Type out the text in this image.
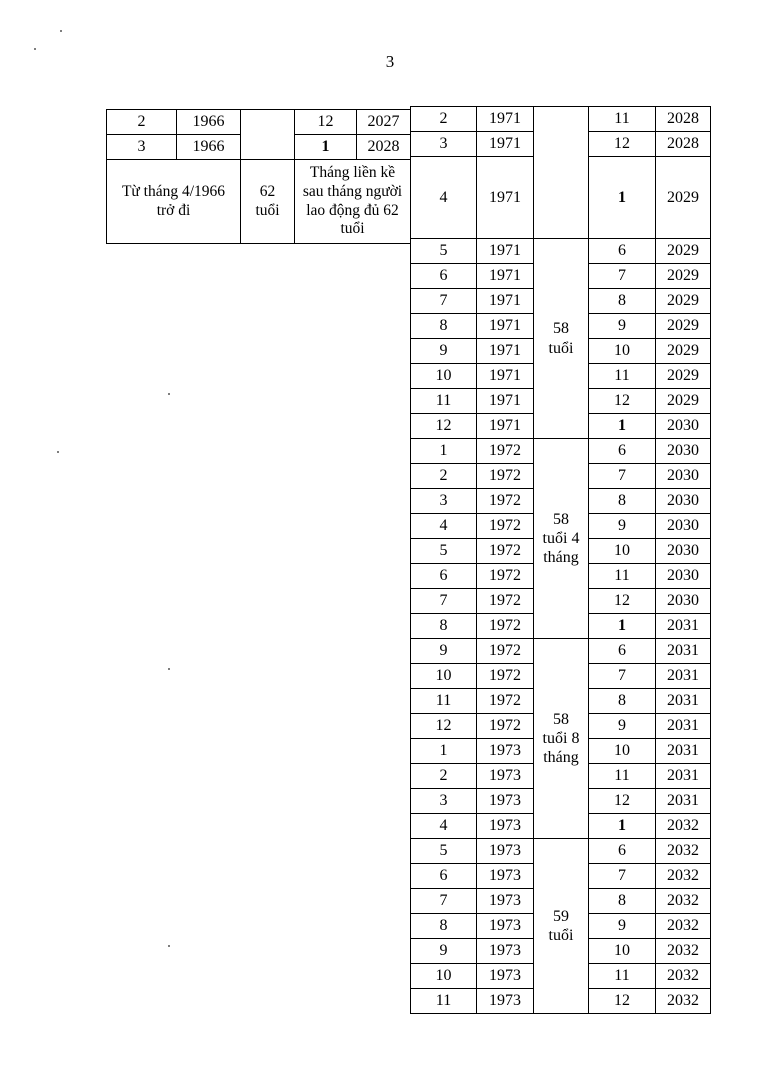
3
2	1966		12	2027
3	1966		1	2028
Từ tháng 4/1966 trở đi		62 tuổi	Tháng liền kề sau tháng người lao động đủ 62 tuổi	
2	1971		11	2028
3	1971		12	2028
4	1971		1	2029
5	1971	58 tuổi	6	2029
6	1971		7	2029
7	1971		8	2029
8	1971		9	2029
9	1971		10	2029
10	1971		11	2029
11	1971		12	2029
12	1971		1	2030
1	1972	58 tuổi 4 tháng	6	2030
2	1972		7	2030
3	1972		8	2030
4	1972		9	2030
5	1972		10	2030
6	1972		11	2030
7	1972		12	2030
8	1972		1	2031
9	1972	58 tuổi 8 tháng	6	2031
10	1972		7	2031
11	1972		8	2031
12	1972		9	2031
1	1973		10	2031
2	1973		11	2031
3	1973		12	2031
4	1973		1	2032
5	1973	59 tuổi	6	2032
6	1973		7	2032
7	1973		8	2032
8	1973		9	2032
9	1973		10	2032
10	1973		11	2032
11	1973		12	2032
